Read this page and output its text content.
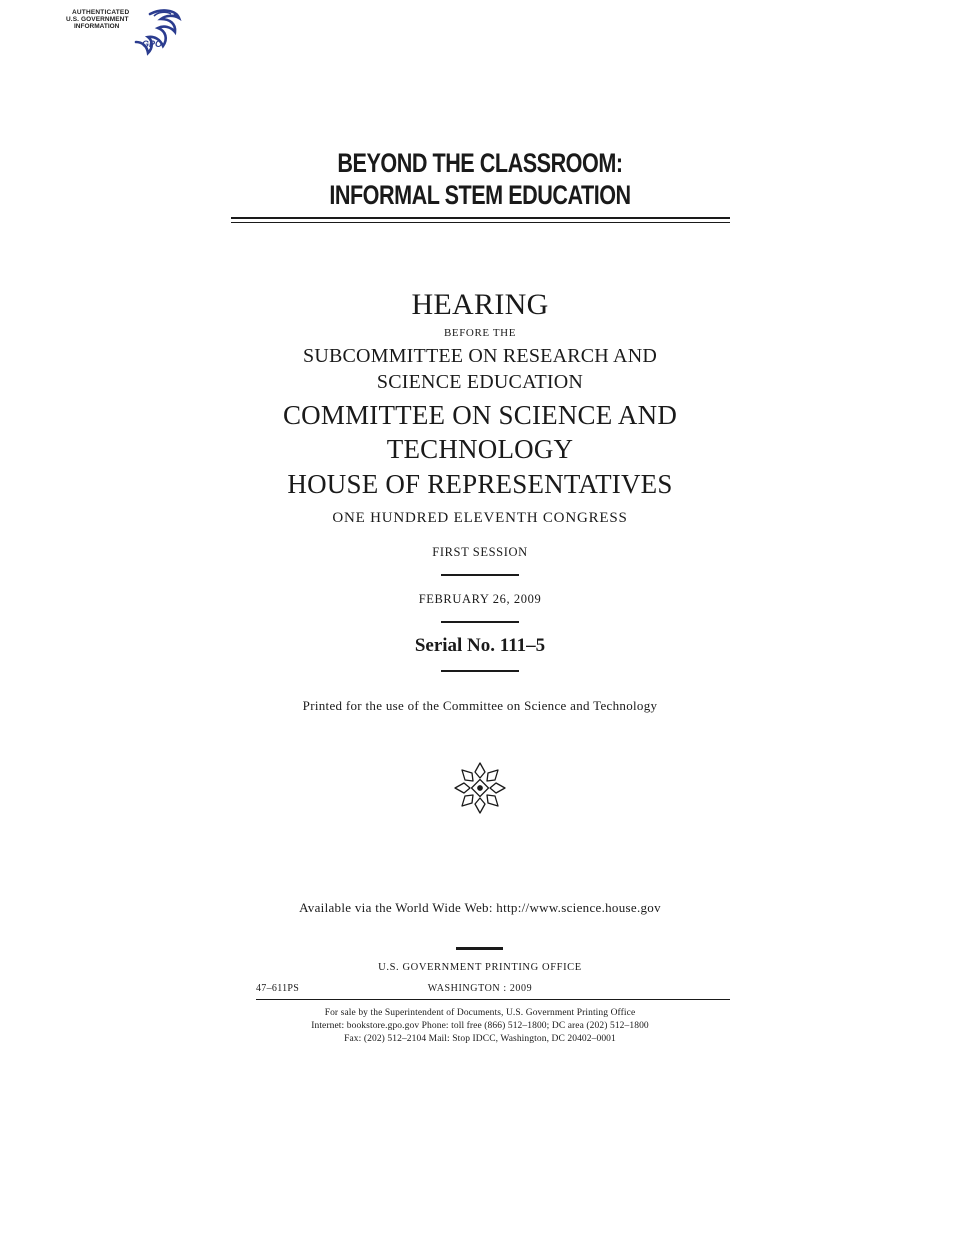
AUTHENTICATED
U.S. GOVERNMENT
INFORMATION
GPO
BEYOND THE CLASSROOM:
INFORMAL STEM EDUCATION
HEARING
BEFORE THE
SUBCOMMITTEE ON RESEARCH AND
SCIENCE EDUCATION
COMMITTEE ON SCIENCE AND
TECHNOLOGY
HOUSE OF REPRESENTATIVES
ONE HUNDRED ELEVENTH CONGRESS
FIRST SESSION
FEBRUARY 26, 2009
Serial No. 111–5
Printed for the use of the Committee on Science and Technology
Available via the World Wide Web: http://www.science.house.gov
U.S. GOVERNMENT PRINTING OFFICE
47–611PS	WASHINGTON : 2009
For sale by the Superintendent of Documents, U.S. Government Printing Office
Internet: bookstore.gpo.gov Phone: toll free (866) 512–1800; DC area (202) 512–1800
Fax: (202) 512–2104 Mail: Stop IDCC, Washington, DC 20402–0001
